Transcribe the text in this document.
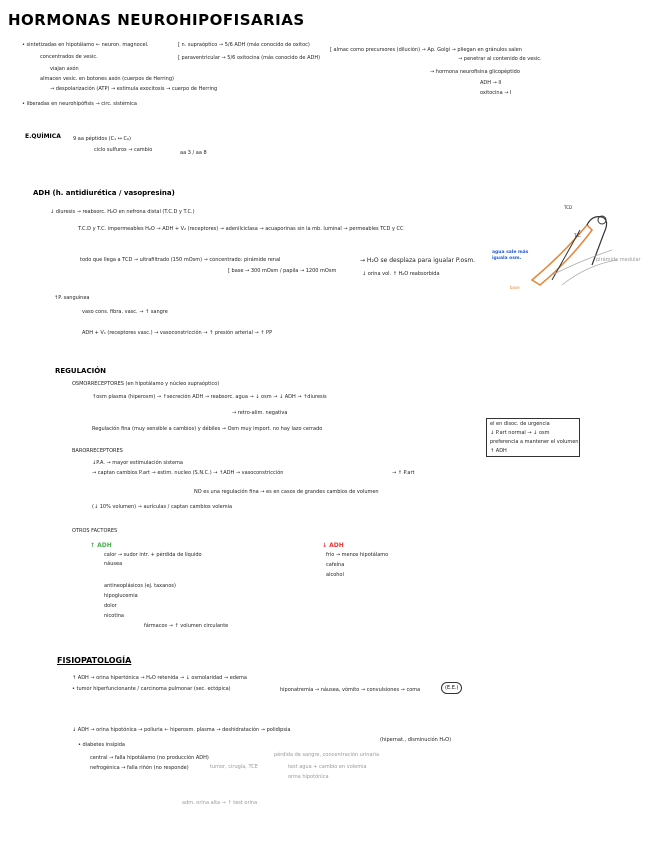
HORMONAS NEUROHIPOFISARIAS
• sintetizadas en hipotálamo ← neuron. magnocel.	[ n. supraóptico → 5/6 ADH (más conocido de oxitoc)
[ paraventricular → 5/6 oxitocina (más conocido de ADH)
[ almac como precursores (dilución) → Ap. Golgi → pliegan en gránulos salen
→ penetrar al contenido de vesic.
concentrados de vesic.
viajan axón
almacen vesíc. en botones axón (cuerpos de Herring)
→ despolarización (ATP) → estimula exocitosis → cuerpo de Herring
→ hormona neurofisina glicopéptido
ADH → II
oxitocina → I
• liberadas en neurohipófisis → circ. sistémica
E.QUÍMICA 9 aa péptidos (C₁ ↔ C₆)
ciclo sulfuros → cambio	aa 3 / aa 8
ADH (h. antidiurética / vasopresina)
↓ diuresis → reabsorc. H₂O en nefrona distal (T.C.D y T.C.)
T.C.D y T.C. impermeables H₂O → ADH + V₂ (receptores) → adenilciclasa → acuaporinas sin la mb. luminal → permeables TCD y CC
todo que llega a TCD → ultrafiltrado (150 mOsm) → concentrado: pirámide renal
[ base → 300 mOsm / papila → 1200 mOsm
→ H₂O se desplaza para igualar P.osm.
↓ orina vol. ↑ H₂O reabsorbida
↑P. sanguínea
vaso cons. fibra. vasc. → ↑ sangre
ADH + V₁ (receptores vasc.) → vasoconstricción → ↑ presión arterial → ↑ PP
TCD
T.C.
agua sale más iguala osm.	pirámide medular
base
REGULACIÓN
OSMORRECEPTORES (en hipotálamo y núcleo supraóptico)
↑osm plasma (hiperosm) → ↑secreción ADH → reabsorc. agua → ↓ osm → ↓ ADH → ↑diuresis
→ retro-alim. negativa
Regulación fina (muy sensible a cambios) y débiles → Osm muy import. no hay lazo cerrado
el en disoc. de urgencia
↓ P.art normal → ↓ osm
preferencia a mantener el volumen
↑ ADH
BARORRECEPTORES
↓P.A. → mayor estimulación sistema
→ captan cambios P.art → estim. nucleo (S.N.C.) → ↑ADH → vasoconstricción	→ ↑ P.art
NO es una regulación fina → es en casos de grandes cambios de volumen
(↓ 10% volumen) → aurículas / captan cambios volemia
OTROS FACTORES
↑ ADH
calor → sudor intr. + pérdida de líquido
náusea
antineoplásicos (ej. taxanos)
hipoglucemia
dolor
nicotina
fármacos → ↑ volumen circulante
↓ ADH
frío → menos hipotálamo
cafeína
alcohol
FISIOPATOLOGÍA
↑ ADH → orina hipertónica → H₂O retenida → ↓ osmolaridad → edema
• tumor hiperfuncionante / carcinoma pulmonar (sec. ectópica)	hiponatremia → náusea, vómito → convulsiones → coma	(E.E.)
↓ ADH → orina hipotónica → poliuria ← hiperosm. plasma → deshidratación → polidipsia
(hipernat., disminución H₂O)
• diabetes insípida
central → falla hipotálamo (no producción ADH)
nefrogénica → falla riñón (no responde)
pérdida de sangre, concentración urinaria
tumor, cirugía, TCE	test agua + cambio en volemia
orina hipotónica
adm. orina alta → ↑ test orina
